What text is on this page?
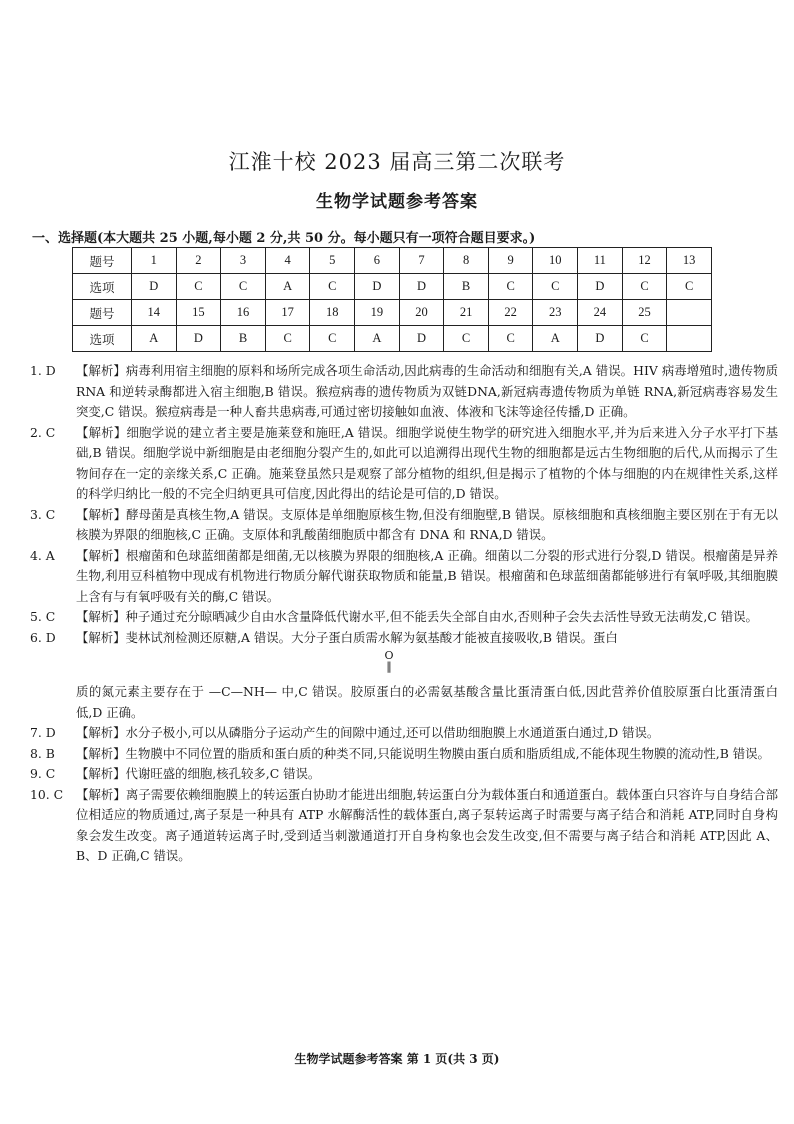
江淮十校 2023 届高三第二次联考
生物学试题参考答案
一、选择题(本大题共 25 小题,每小题 2 分,共 50 分。每小题只有一项符合题目要求。)
题号	1	2	3	4	5	6	7	8	9	10	11	12	13
选项	D	C	C	A	C	D	D	B	C	C	D	C	C
题号	14	15	16	17	18	19	20	21	22	23	24	25	
选项	A	D	B	C	C	A	D	C	C	A	D	C	
1. D	【解析】病毒利用宿主细胞的原料和场所完成各项生命活动,因此病毒的生命活动和细胞有关,A 错误。HIV 病毒增殖时,遗传物质 RNA 和逆转录酶都进入宿主细胞,B 错误。猴痘病毒的遗传物质为双链DNA,新冠病毒遗传物质为单链 RNA,新冠病毒容易发生突变,C 错误。猴痘病毒是一种人畜共患病毒,可通过密切接触如血液、体液和飞沫等途径传播,D 正确。

2. C	【解析】细胞学说的建立者主要是施莱登和施旺,A 错误。细胞学说使生物学的研究进入细胞水平,并为后来进入分子水平打下基础,B 错误。细胞学说中新细胞是由老细胞分裂产生的,如此可以追溯得出现代生物的细胞都是远古生物细胞的后代,从而揭示了生物间存在一定的亲缘关系,C 正确。施莱登虽然只是观察了部分植物的组织,但是揭示了植物的个体与细胞的内在规律性关系,这样的科学归纳比一般的不完全归纳更具可信度,因此得出的结论是可信的,D 错误。

3. C	【解析】酵母菌是真核生物,A 错误。支原体是单细胞原核生物,但没有细胞壁,B 错误。原核细胞和真核细胞主要区别在于有无以核膜为界限的细胞核,C 正确。支原体和乳酸菌细胞质中都含有 DNA 和 RNA,D 错误。

4. A	【解析】根瘤菌和色球蓝细菌都是细菌,无以核膜为界限的细胞核,A 正确。细菌以二分裂的形式进行分裂,D 错误。根瘤菌是异养生物,利用豆科植物中现成有机物进行物质分解代谢获取物质和能量,B 错误。根瘤菌和色球蓝细菌都能够进行有氧呼吸,其细胞膜上含有与有氧呼吸有关的酶,C 错误。

5. C	【解析】种子通过充分晾晒减少自由水含量降低代谢水平,但不能丢失全部自由水,否则种子会失去活性导致无法萌发,C 错误。

6. D	【解析】斐林试剂检测还原糖,A 错误。大分子蛋白质需水解为氨基酸才能被直接吸收,B 错误。蛋白

O
‖

质的氮元素主要存在于 —C—NH— 中,C 错误。胶原蛋白的必需氨基酸含量比蛋清蛋白低,因此营养价值胶原蛋白比蛋清蛋白低,D 正确。

7. D	【解析】水分子极小,可以从磷脂分子运动产生的间隙中通过,还可以借助细胞膜上水通道蛋白通过,D 错误。

8. B	【解析】生物膜中不同位置的脂质和蛋白质的种类不同,只能说明生物膜由蛋白质和脂质组成,不能体现生物膜的流动性,B 错误。

9. C	【解析】代谢旺盛的细胞,核孔较多,C 错误。

10. C	【解析】离子需要依赖细胞膜上的转运蛋白协助才能进出细胞,转运蛋白分为载体蛋白和通道蛋白。载体蛋白只容许与自身结合部位相适应的物质通过,离子泵是一种具有 ATP 水解酶活性的载体蛋白,离子泵转运离子时需要与离子结合和消耗 ATP,同时自身构象会发生改变。离子通道转运离子时,受到适当刺激通道打开自身构象也会发生改变,但不需要与离子结合和消耗 ATP,因此 A、B、D 正确,C 错误。

生物学试题参考答案 第 1 页(共 3 页)
